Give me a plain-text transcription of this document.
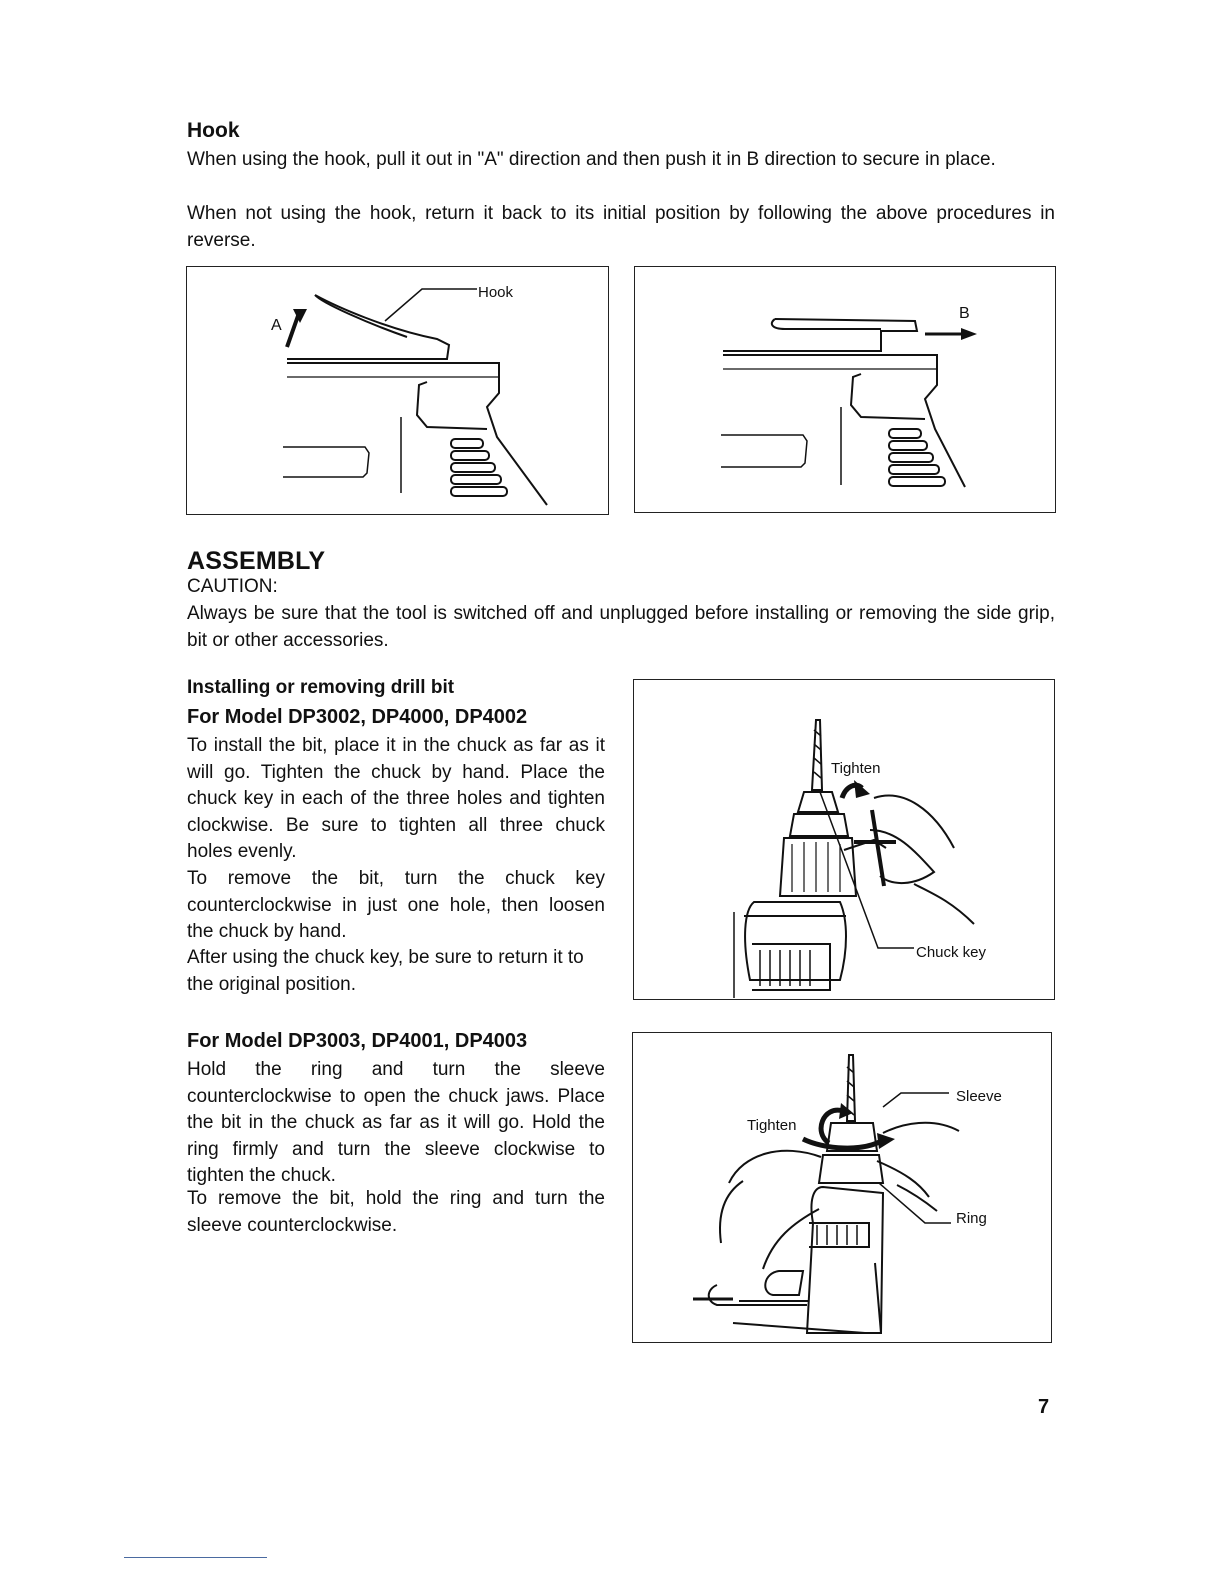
Hook
When using the hook, pull it out in "A" direction and then push it in B direction to secure in place.
When not using the hook, return it back to its initial position by following the above procedures in reverse.
Hook
A
B
ASSEMBLY
CAUTION:
Always be sure that the tool is switched off and unplugged before installing or removing the side grip, bit or other accessories.
Installing or removing drill bit
For Model DP3002, DP4000, DP4002
To install the bit, place it in the chuck as far as it will go. Tighten the chuck by hand. Place the chuck key in each of the three holes and tighten clockwise. Be sure to tighten all three chuck holes evenly.
To remove the bit, turn the chuck key counterclockwise in just one hole, then loosen the chuck by hand.
After using the chuck key, be sure to return it to the original position.
Tighten
Chuck key
For Model DP3003, DP4001, DP4003
Hold the ring and turn the sleeve counterclockwise to open the chuck jaws. Place the bit in the chuck as far as it will go. Hold the ring firmly and turn the sleeve clockwise to tighten the chuck.
To remove the bit, hold the ring and turn the sleeve counterclockwise.
Tighten
Sleeve
Ring
7
